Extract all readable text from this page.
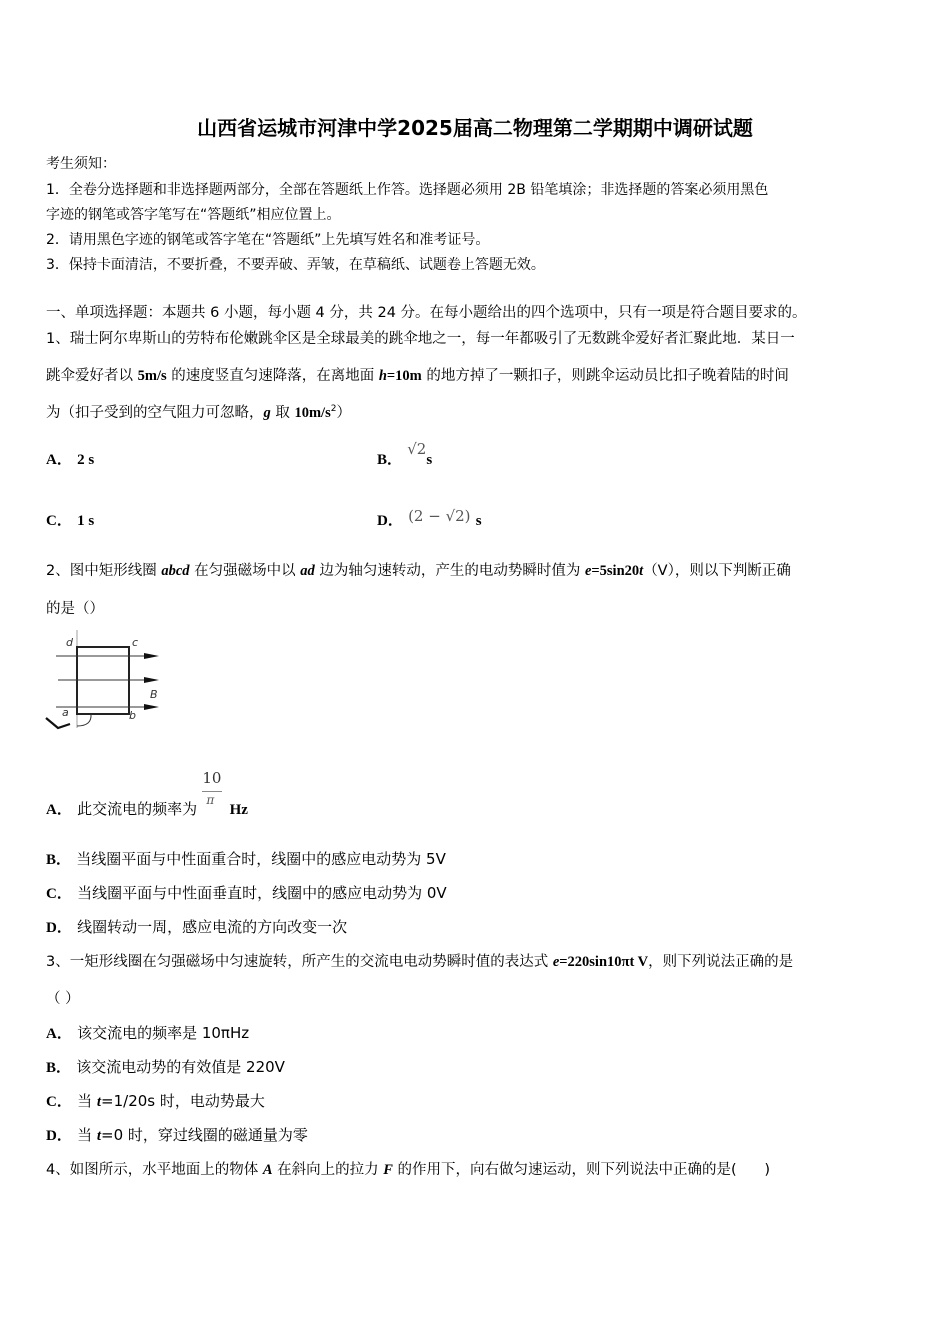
山西省运城市河津中学2025届高二物理第二学期期中调研试题
考生须知：
1．全卷分选择题和非选择题两部分，全部在答题纸上作答。选择题必须用 2B 铅笔填涂；非选择题的答案必须用黑色
字迹的钢笔或答字笔写在“答题纸”相应位置上。
2．请用黑色字迹的钢笔或答字笔在“答题纸”上先填写姓名和准考证号。
3．保持卡面清洁，不要折叠，不要弄破、弄皱，在草稿纸、试题卷上答题无效。
一、单项选择题：本题共 6 小题，每小题 4 分，共 24 分。在每小题给出的四个选项中，只有一项是符合题目要求的。
1、瑞士阿尔卑斯山的劳特布伦嫩跳伞区是全球最美的跳伞地之一，每一年都吸引了无数跳伞爱好者汇聚此地．某日一
跳伞爱好者以 5m/s 的速度竖直匀速降落，在离地面 h=10m 的地方掉了一颗扣子，则跳伞运动员比扣子晚着陆的时间
为（扣子受到的空气阻力可忽略，g 取 $10m/s^2$）
A． 2 s	B． √2s
C． 1 s	D． (2 − √2) s
2、图中矩形线圈 abcd 在匀强磁场中以 ad 边为轴匀速转动，产生的电动势瞬时值为 e=5sin20t（V），则以下判断正确
的是（）
d	c
B
a	b
A． 此交流电的频率为 $\frac{10}{\pi}$
Hz
B． 当线圈平面与中性面重合时，线圈中的感应电动势为 5V
C． 当线圈平面与中性面垂直时，线圈中的感应电动势为 0V
D． 线圈转动一周，感应电流的方向改变一次
3、一矩形线圈在匀强磁场中匀速旋转，所产生的交流电电动势瞬时值的表达式 e=220sin10πt V，则下列说法正确的是
（ ）
A． 该交流电的频率是 10πHz
B． 该交流电动势的有效值是 220V
C． 当 t=1/20s 时，电动势最大
D． 当 t=0 时，穿过线圈的磁通量为零
4、如图所示，水平地面上的物体 A 在斜向上的拉力 F 的作用下，向右做匀速运动，则下列说法中正确的是( )
